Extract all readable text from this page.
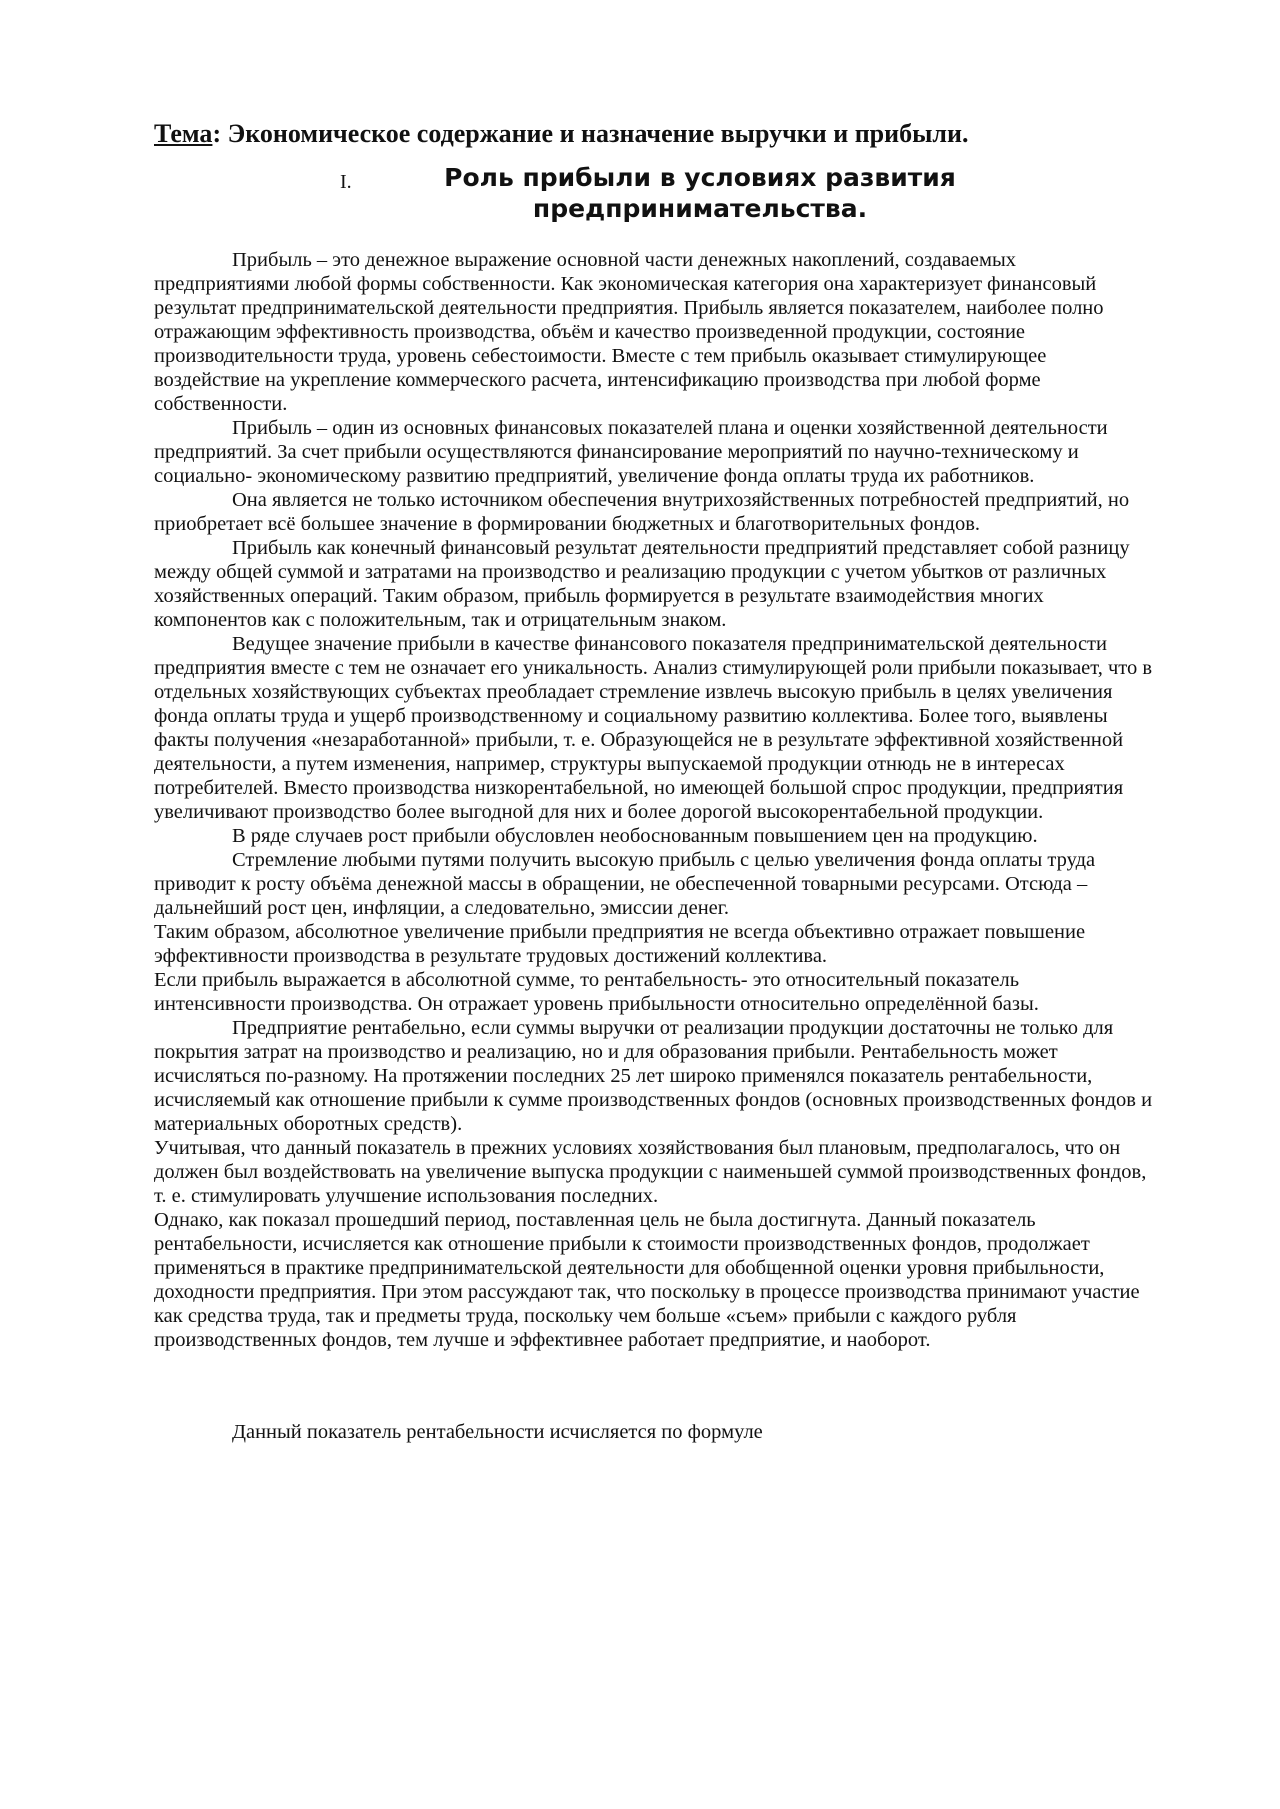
Тема: Экономическое содержание и назначение выручки и прибыли.
I.	Роль прибыли в условиях развития предпринимательства.

Прибыль – это денежное выражение основной части денежных накоплений, создаваемых предприятиями любой формы собственности. Как экономическая категория она характеризует финансовый результат предпринимательской деятельности предприятия. Прибыль является показателем, наиболее полно отражающим эффективность производства, объём и качество произведенной продукции, состояние производительности труда, уровень себестоимости. Вместе с тем прибыль оказывает стимулирующее воздействие на укрепление коммерческого расчета, интенсификацию производства при любой форме собственности.

Прибыль – один из основных финансовых показателей плана и оценки хозяйственной деятельности предприятий. За счет прибыли осуществляются финансирование мероприятий по научно-техническому и социально- экономическому развитию предприятий, увеличение фонда оплаты труда их работников.

Она является не только источником обеспечения внутрихозяйственных потребностей предприятий, но приобретает всё большее значение в формировании бюджетных и благотворительных фондов.

Прибыль как конечный финансовый результат деятельности предприятий представляет собой разницу между общей суммой и затратами на производство и реализацию продукции с учетом убытков от различных хозяйственных операций. Таким образом, прибыль формируется в результате взаимодействия многих компонентов как с положительным, так и отрицательным знаком.

Ведущее значение прибыли в качестве финансового показателя предпринимательской деятельности предприятия вместе с тем не означает его уникальность. Анализ стимулирующей роли прибыли показывает, что в отдельных хозяйствующих субъектах преобладает стремление извлечь высокую прибыль в целях увеличения фонда оплаты труда и ущерб производственному и социальному развитию коллектива. Более того, выявлены факты получения «незаработанной» прибыли, т. е. Образующейся не в результате эффективной хозяйственной деятельности, а путем изменения, например, структуры выпускаемой продукции отнюдь не в интересах потребителей. Вместо производства низкорентабельной, но имеющей большой спрос продукции, предприятия увеличивают производство более выгодной для них и более дорогой высокорентабельной продукции.

В ряде случаев рост прибыли обусловлен необоснованным повышением цен на продукцию.

Стремление любыми путями получить высокую прибыль с целью увеличения фонда оплаты труда приводит к росту объёма денежной массы в обращении, не обеспеченной товарными ресурсами. Отсюда – дальнейший рост цен, инфляции, а следовательно, эмиссии денег.

Таким образом, абсолютное увеличение прибыли предприятия не всегда объективно отражает повышение эффективности производства в результате трудовых достижений коллектива.

Если прибыль выражается в абсолютной сумме, то рентабельность- это относительный показатель интенсивности производства. Он отражает уровень прибыльности относительно определённой базы.

Предприятие рентабельно, если суммы выручки от реализации продукции достаточны не только для покрытия затрат на производство и реализацию, но и для образования прибыли. Рентабельность может исчисляться по-разному. На протяжении последних 25 лет широко применялся показатель рентабельности, исчисляемый как отношение прибыли к сумме производственных фондов (основных производственных фондов и материальных оборотных средств).

Учитывая, что данный показатель в прежних условиях хозяйствования был плановым, предполагалось, что он должен был воздействовать на увеличение выпуска продукции с наименьшей суммой производственных фондов, т. е. стимулировать улучшение использования последних.

Однако, как показал прошедший период, поставленная цель не была достигнута. Данный показатель рентабельности, исчисляется как отношение прибыли к стоимости производственных фондов, продолжает применяться в практике предпринимательской деятельности для обобщенной оценки уровня прибыльности, доходности предприятия. При этом рассуждают так, что поскольку в процессе производства принимают участие как средства труда, так и предметы труда, поскольку чем больше «съем» прибыли с каждого рубля производственных фондов, тем лучше и эффективнее работает предприятие, и наоборот.

Данный показатель рентабельности исчисляется по формуле
